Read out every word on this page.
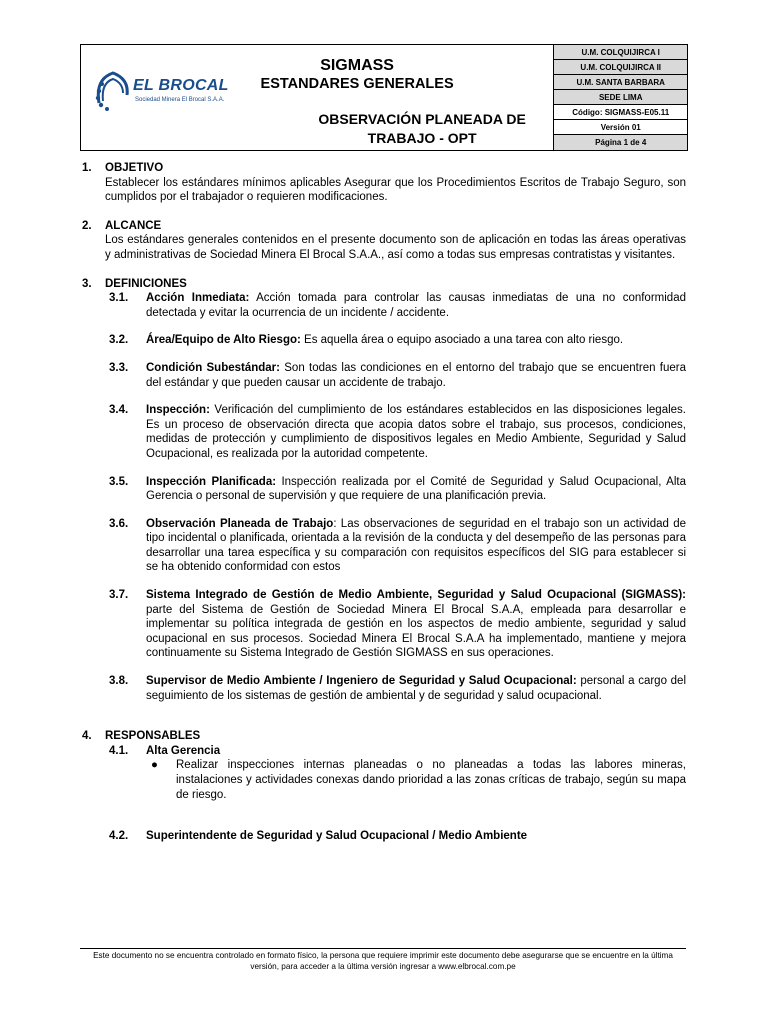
EL BROCAL
Sociedad Minera El Brocal S.A.A.
SIGMASS
ESTANDARES GENERALES
OBSERVACIÓN PLANEADA DE TRABAJO - OPT
U.M. COLQUIJIRCA I
U.M. COLQUIJIRCA II
U.M. SANTA BARBARA
SEDE LIMA
Código: SIGMASS-E05.11
Versión 01
Página 1 de 4
1.	OBJETIVO
Establecer los estándares mínimos aplicables Asegurar que los Procedimientos Escritos de Trabajo Seguro, son cumplidos por el trabajador o requieren modificaciones.
2.	ALCANCE
Los estándares generales contenidos en el presente documento son de aplicación en todas las áreas operativas y administrativas de Sociedad Minera El Brocal S.A.A., así como a todas sus empresas contratistas y visitantes.
3.	DEFINICIONES
3.1.	Acción Inmediata: Acción tomada para controlar las causas inmediatas de una no conformidad detectada y evitar la ocurrencia de un incidente / accidente.
3.2.	Área/Equipo de Alto Riesgo: Es aquella área o equipo asociado a una tarea con alto riesgo.
3.3.	Condición Subestándar: Son todas las condiciones en el entorno del trabajo que se encuentren fuera del estándar y que pueden causar un accidente de trabajo.
3.4.	Inspección: Verificación del cumplimiento de los estándares establecidos en las disposiciones legales. Es un proceso de observación directa que acopia datos sobre el trabajo, sus procesos, condiciones, medidas de protección y cumplimiento de dispositivos legales en Medio Ambiente, Seguridad y Salud Ocupacional, es realizada por la autoridad competente.
3.5.	Inspección Planificada: Inspección realizada por el Comité de Seguridad y Salud Ocupacional, Alta Gerencia o personal de supervisión y que requiere de una planificación previa.
3.6.	Observación Planeada de Trabajo: Las observaciones de seguridad en el trabajo son un actividad de tipo incidental o planificada, orientada a la revisión de la conducta y del desempeño de las personas para desarrollar una tarea específica y su comparación con requisitos específicos del SIG para establecer si se ha obtenido conformidad con estos
3.7.	Sistema Integrado de Gestión de Medio Ambiente, Seguridad y Salud Ocupacional (SIGMASS): parte del Sistema de Gestión de Sociedad Minera El Brocal S.A.A, empleada para desarrollar e implementar su política integrada de gestión en los aspectos de medio ambiente, seguridad y salud ocupacional en sus procesos. Sociedad Minera El Brocal S.A.A ha implementado, mantiene y mejora continuamente su Sistema Integrado de Gestión SIGMASS en sus operaciones.
3.8.	Supervisor de Medio Ambiente / Ingeniero de Seguridad y Salud Ocupacional: personal a cargo del seguimiento de los sistemas de gestión de ambiental y de seguridad y salud ocupacional.
4.	RESPONSABLES
4.1.	Alta Gerencia
●	Realizar inspecciones internas planeadas o no planeadas a todas las labores mineras, instalaciones y actividades conexas dando prioridad a las zonas críticas de trabajo, según su mapa de riesgo.
4.2.	Superintendente de Seguridad y Salud Ocupacional / Medio Ambiente
Este documento no se encuentra controlado en formato físico, la persona que requiere imprimir este documento debe asegurarse que se encuentre en la última versión, para acceder a la última versión ingresar a www.elbrocal.com.pe
